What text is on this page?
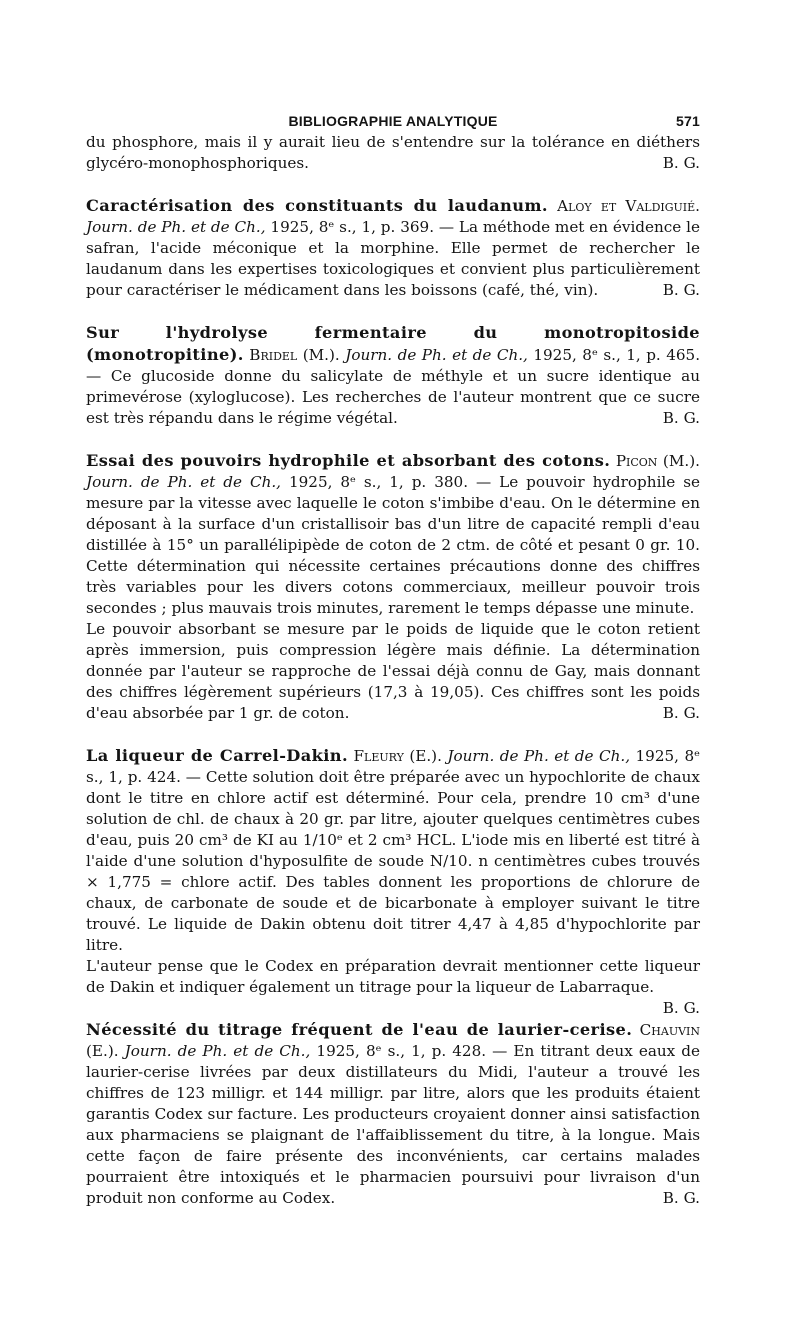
BIBLIOGRAPHIE ANALYTIQUE	571

du phosphore, mais il y aurait lieu de s'entendre sur la tolérance en diéthers glycéro-monophosphoriques.	B. G.

Caractérisation des constituants du laudanum. Aloy et Valdiguié. Journ. de Ph. et de Ch., 1925, 8ᵉ s., 1, p. 369. — La méthode met en évidence le safran, l'acide méconique et la morphine. Elle permet de rechercher le laudanum dans les expertises toxicologiques et convient plus particulièrement pour caractériser le médicament dans les boissons (café, thé, vin).	B. G.

Sur l'hydrolyse fermentaire du monotropitoside (monotropitine). Bridel (M.). Journ. de Ph. et de Ch., 1925, 8ᵉ s., 1, p. 465. — Ce glucoside donne du salicylate de méthyle et un sucre identique au primevérose (xyloglucose). Les recherches de l'auteur montrent que ce sucre est très répandu dans le régime végétal.	B. G.

Essai des pouvoirs hydrophile et absorbant des cotons. Picon (M.). Journ. de Ph. et de Ch., 1925, 8ᵉ s., 1, p. 380. — Le pouvoir hydrophile se mesure par la vitesse avec laquelle le coton s'imbibe d'eau. On le détermine en déposant à la surface d'un cristallisoir bas d'un litre de capacité rempli d'eau distillée à 15° un parallélipipède de coton de 2 ctm. de côté et pesant 0 gr. 10. Cette détermination qui nécessite certaines précautions donne des chiffres très variables pour les divers cotons commerciaux, meilleur pouvoir trois secondes ; plus mauvais trois minutes, rarement le temps dépasse une minute.

Le pouvoir absorbant se mesure par le poids de liquide que le coton retient après immersion, puis compression légère mais définie. La détermination donnée par l'auteur se rapproche de l'essai déjà connu de Gay, mais donnant des chiffres légèrement supérieurs (17,3 à 19,05). Ces chiffres sont les poids d'eau absorbée par 1 gr. de coton.	B. G.

La liqueur de Carrel-Dakin. Fleury (E.). Journ. de Ph. et de Ch., 1925, 8ᵉ s., 1, p. 424. — Cette solution doit être préparée avec un hypochlorite de chaux dont le titre en chlore actif est déterminé. Pour cela, prendre 10 cm³ d'une solution de chl. de chaux à 20 gr. par litre, ajouter quelques centimètres cubes d'eau, puis 20 cm³ de KI au 1/10ᵉ et 2 cm³ HCL. L'iode mis en liberté est titré à l'aide d'une solution d'hyposulfite de soude N/10. n centimètres cubes trouvés × 1,775 = chlore actif. Des tables donnent les proportions de chlorure de chaux, de carbonate de soude et de bicarbonate à employer suivant le titre trouvé. Le liquide de Dakin obtenu doit titrer 4,47 à 4,85 d'hypochlorite par litre.

L'auteur pense que le Codex en préparation devrait mentionner cette liqueur de Dakin et indiquer également un titrage pour la liqueur de Labarraque.
B. G.

Nécessité du titrage fréquent de l'eau de laurier-cerise. Chauvin (E.). Journ. de Ph. et de Ch., 1925, 8ᵉ s., 1, p. 428. — En titrant deux eaux de laurier-cerise livrées par deux distillateurs du Midi, l'auteur a trouvé les chiffres de 123 milligr. et 144 milligr. par litre, alors que les produits étaient garantis Codex sur facture. Les producteurs croyaient donner ainsi satisfaction aux pharmaciens se plaignant de l'affaiblissement du titre, à la longue. Mais cette façon de faire présente des inconvénients, car certains malades pourraient être intoxiqués et le pharmacien poursuivi pour livraison d'un produit non conforme au Codex.	B. G.
